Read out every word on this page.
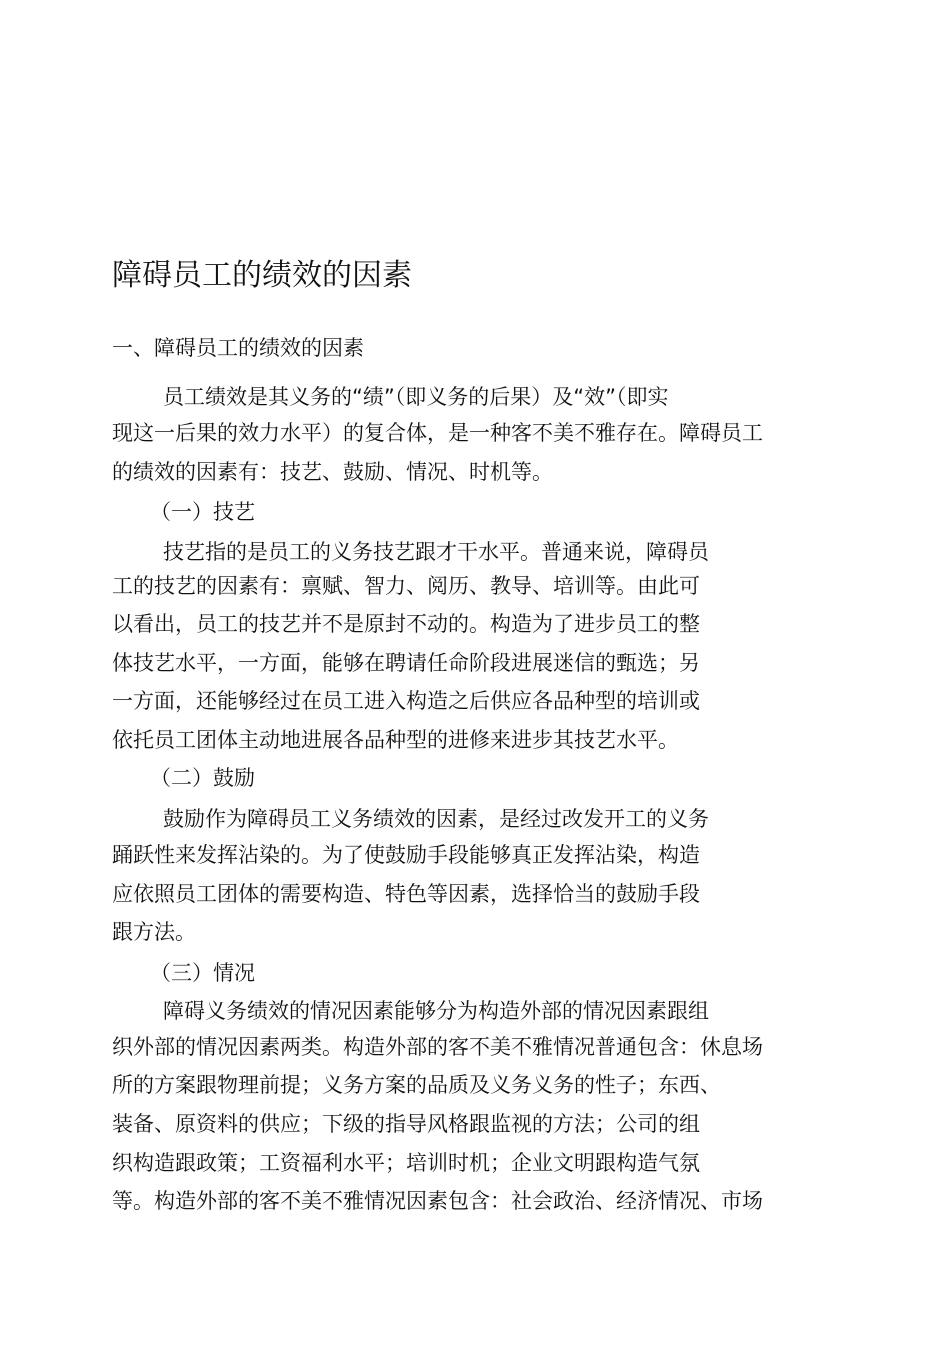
障碍员工的绩效的因素
一、障碍员工的绩效的因素
员工绩效是其义务的“绩”（即义务的后果）及“效”（即实
现这一后果的效力水平）的复合体，是一种客不美不雅存在。障碍员工
的绩效的因素有：技艺、鼓励、情况、时机等。
（一）技艺
技艺指的是员工的义务技艺跟才干水平。普通来说，障碍员
工的技艺的因素有：禀赋、智力、阅历、教导、培训等。由此可
以看出，员工的技艺并不是原封不动的。构造为了进步员工的整
体技艺水平，一方面，能够在聘请任命阶段进展迷信的甄选；另
一方面，还能够经过在员工进入构造之后供应各品种型的培训或
依托员工团体主动地进展各品种型的进修来进步其技艺水平。
（二）鼓励
鼓励作为障碍员工义务绩效的因素，是经过改发开工的义务
踊跃性来发挥沾染的。为了使鼓励手段能够真正发挥沾染，构造
应依照员工团体的需要构造、特色等因素，选择恰当的鼓励手段
跟方法。
（三）情况
障碍义务绩效的情况因素能够分为构造外部的情况因素跟组
织外部的情况因素两类。构造外部的客不美不雅情况普通包含：休息场
所的方案跟物理前提；义务方案的品质及义务义务的性子；东西、
装备、原资料的供应；下级的指导风格跟监视的方法；公司的组
织构造跟政策；工资福利水平；培训时机；企业文明跟构造气氛
等。构造外部的客不美不雅情况因素包含：社会政治、经济情况、市场
